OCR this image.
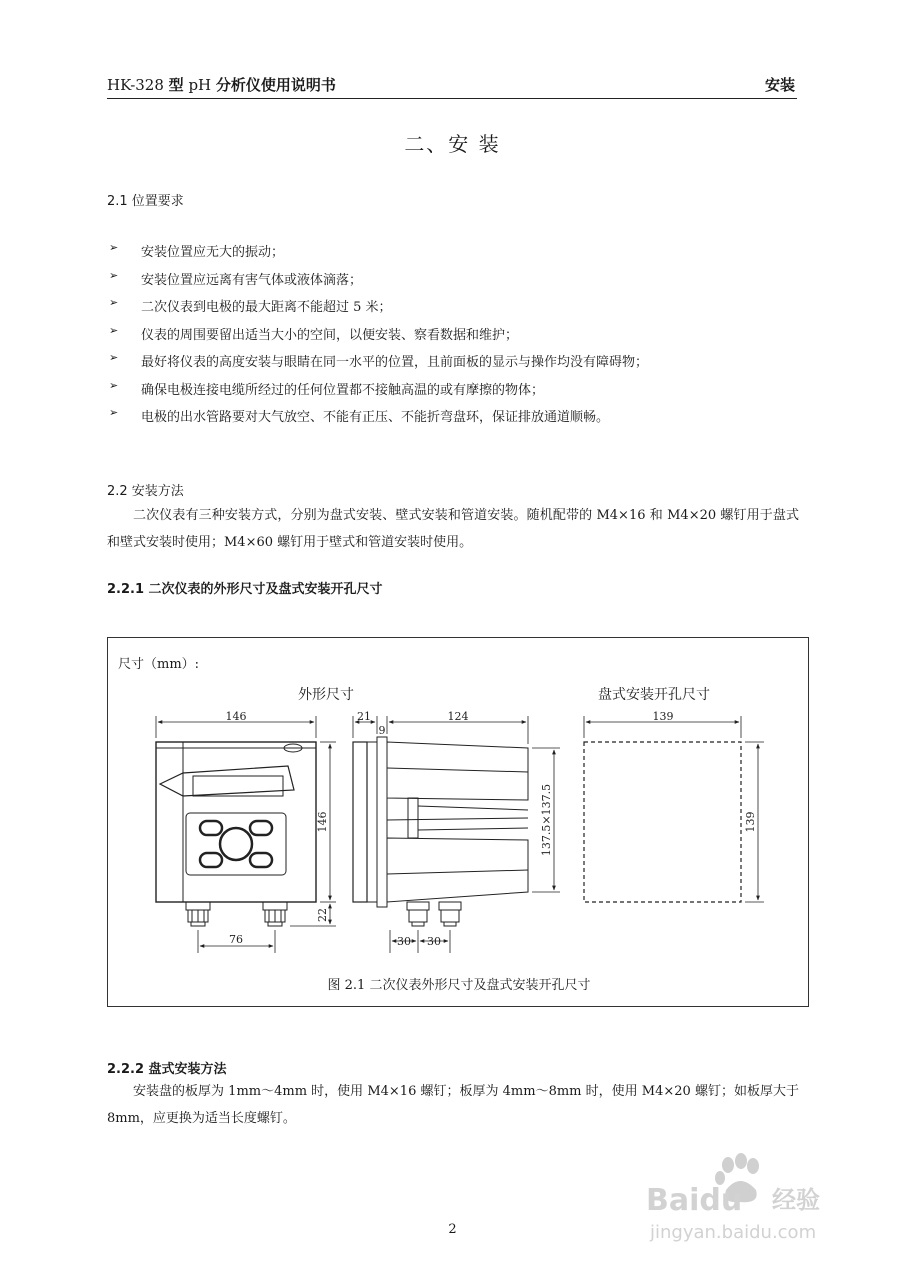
HK-328 型 pH 分析仪使用说明书	安装
二、安 装
2.1 位置要求
➢ 安装位置应无大的振动；
➢ 安装位置应远离有害气体或液体滴落；
➢ 二次仪表到电极的最大距离不能超过 5 米；
➢ 仪表的周围要留出适当大小的空间，以便安装、察看数据和维护；
➢ 最好将仪表的高度安装与眼睛在同一水平的位置，且前面板的显示与操作均没有障碍物；
➢ 确保电极连接电缆所经过的任何位置都不接触高温的或有摩擦的物体；
➢ 电极的出水管路要对大气放空、不能有正压、不能折弯盘环，保证排放通道顺畅。
2.2 安装方法
二次仪表有三种安装方式，分别为盘式安装、壁式安装和管道安装。随机配带的 M4×16 和 M4×20 螺钉用于盘式和壁式安装时使用；M4×60 螺钉用于壁式和管道安装时使用。
2.2.1 二次仪表的外形尺寸及盘式安装开孔尺寸
尺寸（mm）:
外形尺寸	盘式安装开孔尺寸
146
146
22
76
21
9
124
137.5×137.5
30 30
139
139
图 2.1 二次仪表外形尺寸及盘式安装开孔尺寸
2.2.2 盘式安装方法
安装盘的板厚为 1mm～4mm 时，使用 M4×16 螺钉；板厚为 4mm～8mm 时，使用 M4×20 螺钉；如板厚大于 8mm，应更换为适当长度螺钉。
2
Baidu 经验
jingyan.baidu.com
